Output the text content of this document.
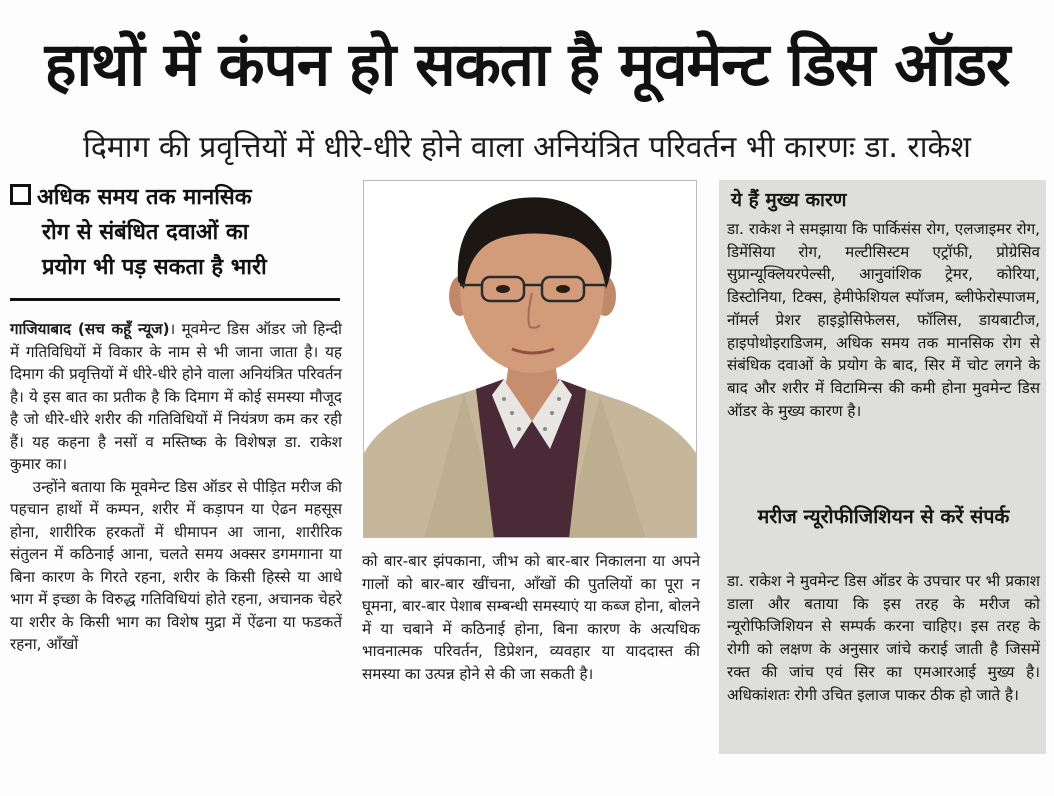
हाथों में कंपन हो सकता है मूवमेन्ट डिस ऑडर
दिमाग की प्रवृत्तियों में धीरे-धीरे होने वाला अनियंत्रित परिवर्तन भी कारणः डा. राकेश
अधिक समय तक मानसिक
रोग से संबंधित दवाओं का
प्रयोग भी पड़ सकता है भारी

गाजियाबाद (सच कहूँ न्यूज)। मूवमेन्ट डिस ऑडर जो हिन्दी में गतिविधियों में विकार के नाम से भी जाना जाता है। यह दिमाग की प्रवृत्तियों में धीरे-धीरे होने वाला अनियंत्रित परिवर्तन है। ये इस बात का प्रतीक है कि दिमाग में कोई समस्या मौजूद है जो धीरे-धीरे शरीर की गतिविधियों में नियंत्रण कम कर रही हैं। यह कहना है नसों व मस्तिष्क के विशेषज्ञ डा. राकेश कुमार का।

उन्होंने बताया कि मूवमेन्ट डिस ऑडर से पीड़ित मरीज की पहचान हाथों में कम्पन, शरीर में कड़ापन या ऐढन महसूस होना, शारीरिक हरकतों में धीमापन आ जाना, शारीरिक संतुलन में कठिनाई आना, चलते समय अक्सर डगमगाना या बिना कारण के गिरते रहना, शरीर के किसी हिस्से या आधे भाग में इच्छा के विरुद्ध गतिविधियां होते रहना, अचानक चेहरे या शरीर के किसी भाग का विशेष मुद्रा में ऐंढना या फडकतें रहना, आँखों

को बार-बार झंपकाना, जीभ को बार-बार निकालना या अपने गालों को बार-बार खींचना, आँखों की पुतलियों का पूरा न घूमना, बार-बार पेशाब सम्बन्धी समस्याएं या कब्ज होना, बोलने में या चबाने में कठिनाई होना, बिना कारण के अत्यधिक भावनात्मक परिवर्तन, डिप्रेशन, व्यवहार या याददास्त की समस्या का उत्पन्न होने से की जा सकती है।

ये हैं मुख्य कारण

डा. राकेश ने समझाया कि पार्किसंस रोग, एलजाइमर रोग, डिमेंसिया रोग, मल्टीसिस्टम एट्रॉफी, प्रोग्रेसिव सुप्रान्यूक्लियरपेल्सी, आनुवांशिक ट्रेमर, कोरिया, डिस्टोनिया, टिक्स, हेमीफेशियल स्पॉजम, ब्लीफेरोस्पाजम, नॉमर्ल प्रेशर हाइड्रोसिफेलस, फॉलिस, डायबाटीज, हाइपोथोइराडिजम, अधिक समय तक मानसिक रोग से संबंधिक दवाओं के प्रयोग के बाद, सिर में चोट लगने के बाद और शरीर में विटामिन्स की कमी होना मुवमेन्ट डिस ऑडर के मुख्य कारण है।

मरीज न्यूरोफीजिशियन से करें संपर्क

डा. राकेश ने मुवमेन्ट डिस ऑडर के उपचार पर भी प्रकाश डाला और बताया कि इस तरह के मरीज को न्यूरोफिजिशियन से सम्पर्क करना चाहिए। इस तरह के रोगी को लक्षण के अनुसार जांचे कराई जाती है जिसमें रक्त की जांच एवं सिर का एमआरआई मुख्य है। अधिकांशतः रोगी उचित इलाज पाकर ठीक हो जाते है।
